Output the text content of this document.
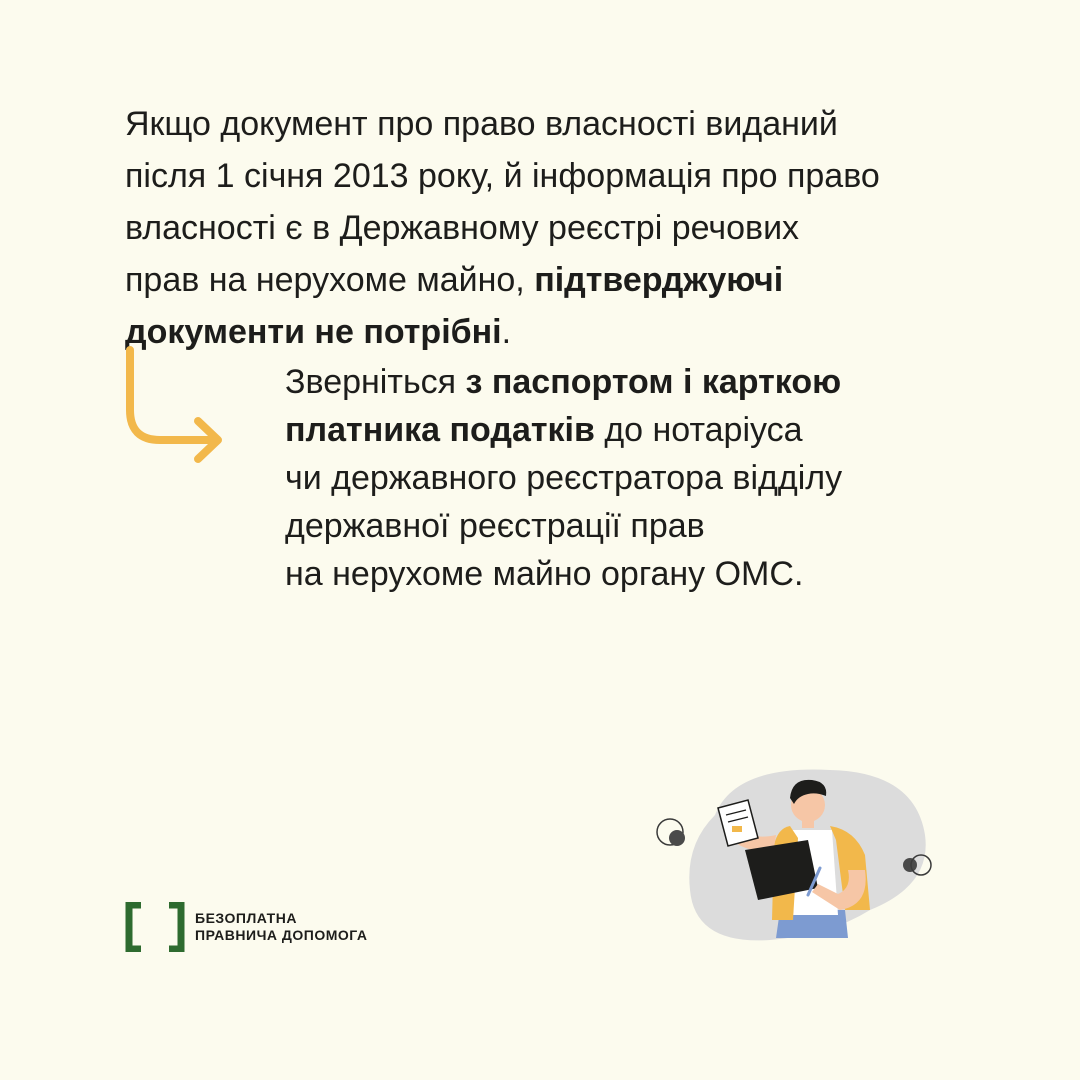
Якщо документ про право власності виданий
після 1 січня 2013 року, й інформація про право
власності є в Державному реєстрі речових
прав на нерухоме майно, підтверджуючі
документи не потрібні.

Зверніться з паспортом і карткою
платника податків до нотаріуса
чи державного реєстратора відділу
державної реєстрації прав
на нерухоме майно органу ОМС.

БЕЗОПЛАТНА
ПРАВНИЧА ДОПОМОГА
